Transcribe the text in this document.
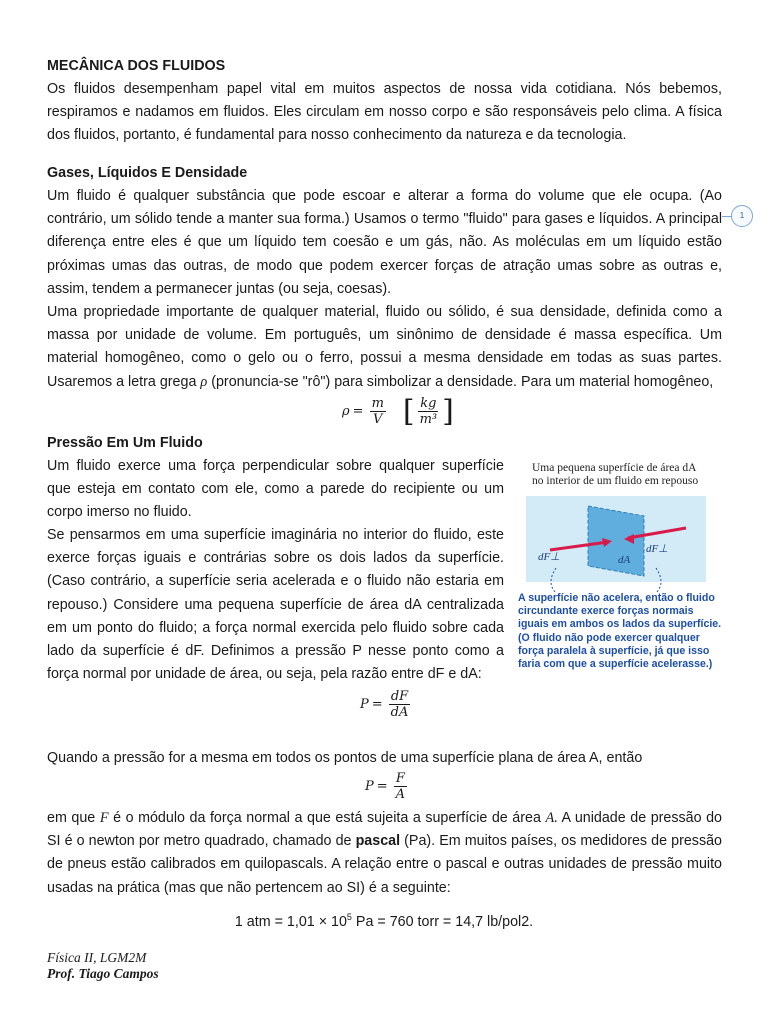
MECÂNICA DOS FLUIDOS

Os fluidos desempenham papel vital em muitos aspectos de nossa vida cotidiana. Nós bebemos, respiramos e nadamos em fluidos. Eles circulam em nosso corpo e são responsáveis pelo clima. A física dos fluidos, portanto, é fundamental para nosso conhecimento da natureza e da tecnologia.

Gases, Líquidos E Densidade

Um fluido é qualquer substância que pode escoar e alterar a forma do volume que ele ocupa. (Ao contrário, um sólido tende a manter sua forma.) Usamos o termo "fluido" para gases e líquidos. A principal diferença entre eles é que um líquido tem coesão e um gás, não. As moléculas em um líquido estão próximas umas das outras, de modo que podem exercer forças de atração umas sobre as outras e, assim, tendem a permanecer juntas (ou seja, coesas).

Uma propriedade importante de qualquer material, fluido ou sólido, é sua densidade, definida como a massa por unidade de volume. Em português, um sinônimo de densidade é massa específica. Um material homogêneo, como o gelo ou o ferro, possui a mesma densidade em todas as suas partes. Usaremos a letra grega ρ (pronuncia-se "rô") para simbolizar a densidade. Para um material homogêneo,

$\rho = \frac{m}{V}$ [ $\frac{kg}{\text{m³}}$ ]

Pressão Em Um Fluido

Um fluido exerce uma força perpendicular sobre qualquer superfície que esteja em contato com ele, como a parede do recipiente ou um corpo imerso no fluido.

Se pensarmos em uma superfície imaginária no interior do fluido, este exerce forças iguais e contrárias sobre os dois lados da superfície. (Caso contrário, a superfície seria acelerada e o fluido não estaria em repouso.) Considere uma pequena superfície de área dA centralizada em um ponto do fluido; a força normal exercida pelo fluido sobre cada lado da superfície é dF. Definimos a pressão P nesse ponto como a força normal por unidade de área, ou seja, pela razão entre dF e dA:

$P = \frac{dF}{dA}$

Quando a pressão for a mesma em todos os pontos de uma superfície plana de área A, então

$P = \frac{F}{A}$

em que F é o módulo da força normal a que está sujeita a superfície de área A. A unidade de pressão do SI é o newton por metro quadrado, chamado de pascal (Pa). Em muitos países, os medidores de pressão de pneus estão calibrados em quilopascals. A relação entre o pascal e outras unidades de pressão muito usadas na prática (mas que não pertencem ao SI) é a seguinte:

1 atm = $1,01 \times 10^5$ Pa = 760 torr = 14,7 lb/pol2.
Uma pequena superfície de área dA
no interior de um fluido em repouso
dF⊥
dF⊥
dA
A superfície não acelera, então o fluido circundante exerce forças normais iguais em ambos os lados da superfície. (O fluido não pode exercer qualquer força paralela à superfície, já que isso faria com que a superfície acelerasse.)
1
Física II, LGM2M
Prof. Tiago Campos
